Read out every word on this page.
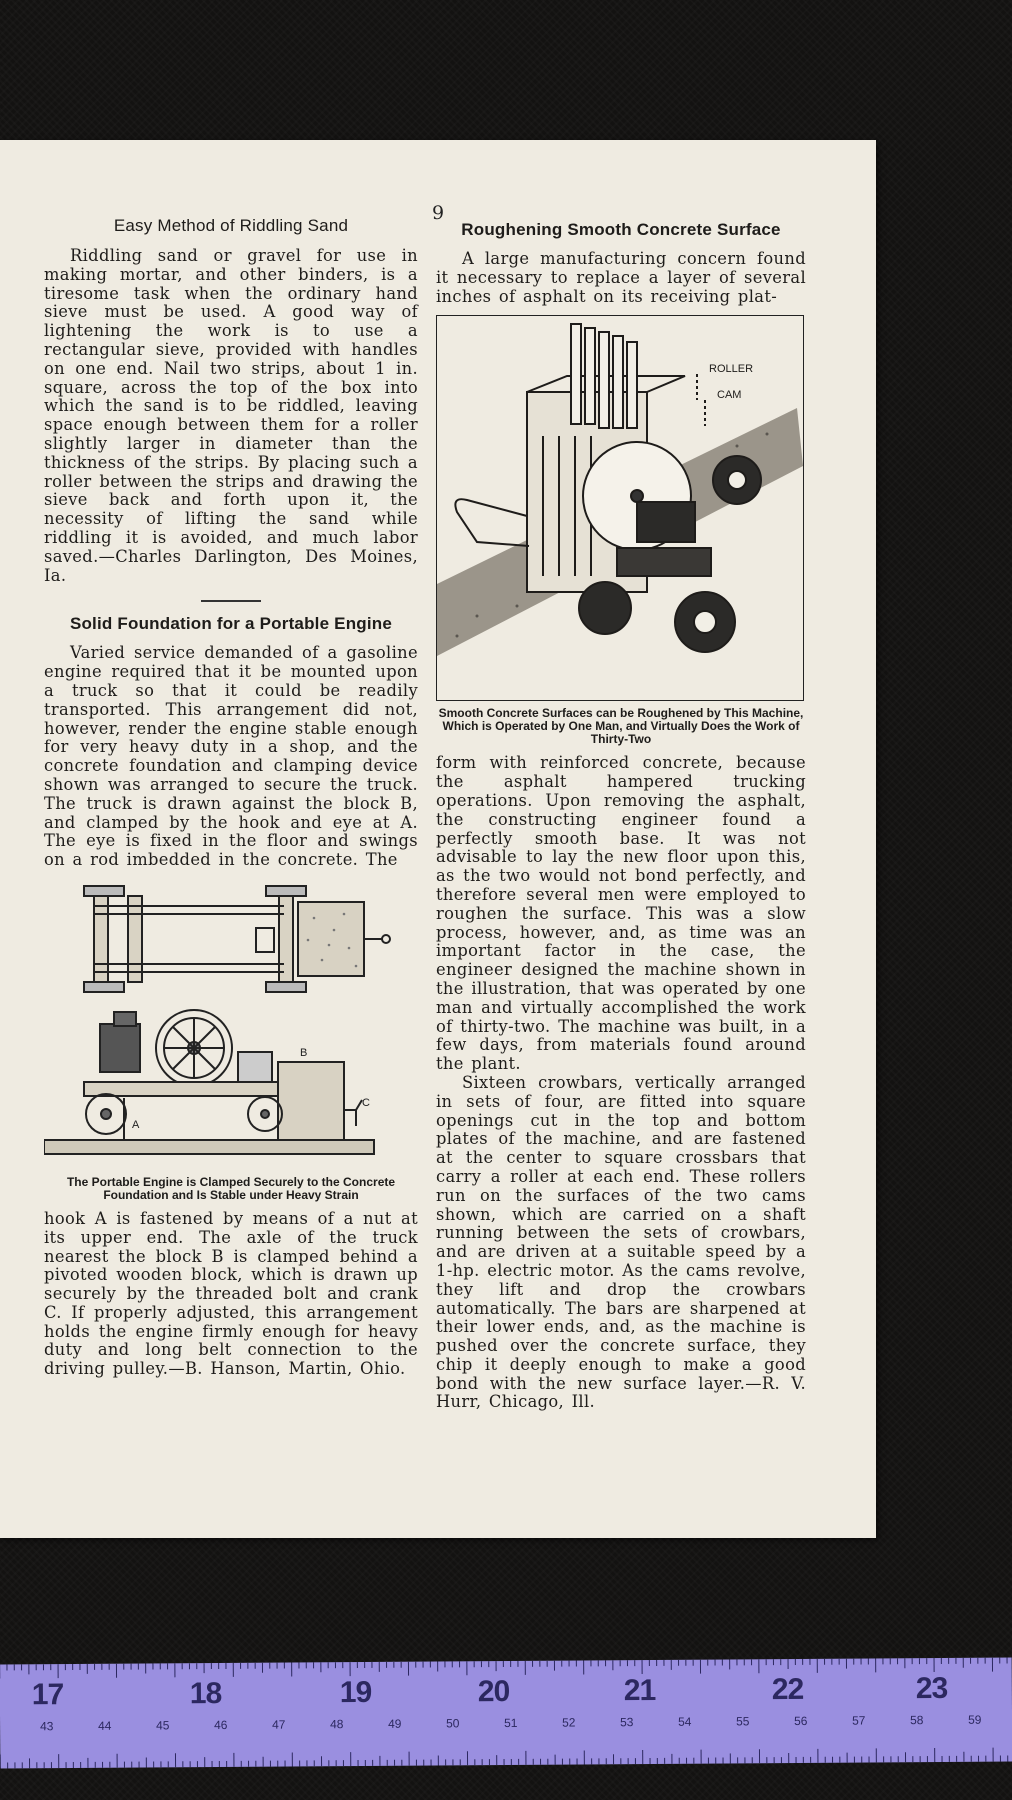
9
Easy Method of Riddling Sand

Riddling sand or gravel for use in making mortar, and other binders, is a tiresome task when the ordinary hand sieve must be used. A good way of lightening the work is to use a rectangular sieve, provided with handles on one end. Nail two strips, about 1 in. square, across the top of the box into which the sand is to be riddled, leaving space enough between them for a roller slightly larger in diameter than the thickness of the strips. By placing such a roller between the strips and drawing the sieve back and forth upon it, the necessity of lifting the sand while riddling it is avoided, and much labor saved.—Charles Darlington, Des Moines, Ia.

Solid Foundation for a Portable Engine

Varied service demanded of a gasoline engine required that it be mounted upon a truck so that it could be readily transported. This arrangement did not, however, render the engine stable enough for very heavy duty in a shop, and the concrete foundation and clamping device shown was arranged to secure the truck. The truck is drawn against the block B, and clamped by the hook and eye at A. The eye is fixed in the floor and swings on a rod imbedded in the concrete. The

B
A
C

The Portable Engine is Clamped Securely to the Concrete Foundation and Is Stable under Heavy Strain

hook A is fastened by means of a nut at its upper end. The axle of the truck nearest the block B is clamped behind a pivoted wooden block, which is drawn up securely by the threaded bolt and crank C. If properly adjusted, this arrangement holds the engine firmly enough for heavy duty and long belt connection to the driving pulley.—B. Hanson, Martin, Ohio.

Roughening Smooth Concrete Surface

A large manufacturing concern found it necessary to replace a layer of several inches of asphalt on its receiving plat-

ROLLER
CAM

Smooth Concrete Surfaces can be Roughened by This Machine, Which is Operated by One Man, and Virtually Does the Work of Thirty-Two

form with reinforced concrete, because the asphalt hampered trucking operations. Upon removing the asphalt, the constructing engineer found a perfectly smooth base. It was not advisable to lay the new floor upon this, as the two would not bond perfectly, and therefore several men were employed to roughen the surface. This was a slow process, however, and, as time was an important factor in the case, the engineer designed the machine shown in the illustration, that was operated by one man and virtually accomplished the work of thirty-two. The machine was built, in a few days, from materials found around the plant.

Sixteen crowbars, vertically arranged in sets of four, are fitted into square openings cut in the top and bottom plates of the machine, and are fastened at the center to square crossbars that carry a roller at each end. These rollers run on the surfaces of the two cams shown, which are carried on a shaft running between the sets of crowbars, and are driven at a suitable speed by a 1-hp. electric motor. As the cams revolve, they lift and drop the crowbars automatically. The bars are sharpened at their lower ends, and, as the machine is pushed over the concrete surface, they chip it deeply enough to make a good bond with the new surface layer.—R. V. Hurr, Chicago, Ill.

17	18	19	20	21	22	23
43	44	45	46	47	48	49	50	51	52	53	54	55	56	57	58	59
